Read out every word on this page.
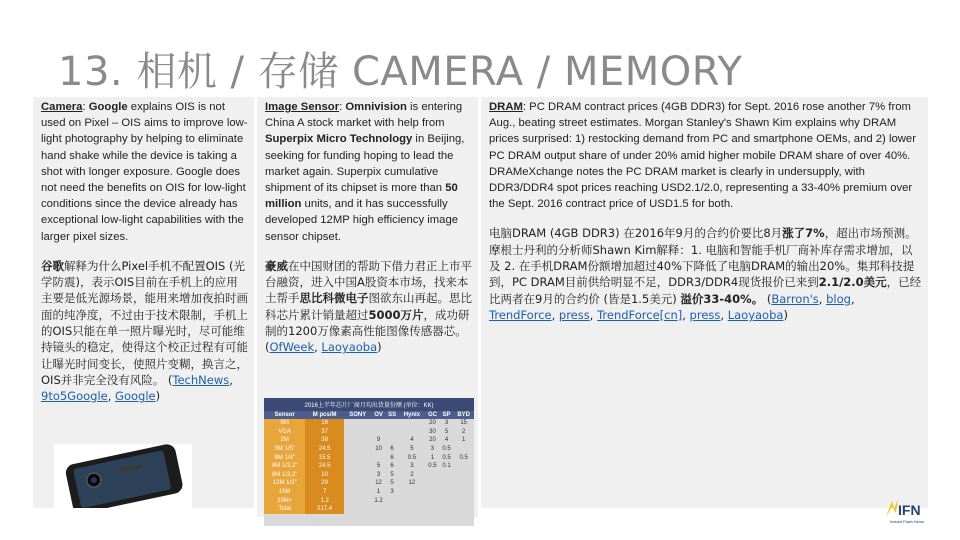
13. 相机 / 存储 CAMERA / MEMORY

Camera: Google explains OIS is not used on Pixel – OIS aims to improve low-light photography by helping to eliminate hand shake while the device is taking a shot with longer exposure. Google does not need the benefits on OIS for low-light conditions since the device already has exceptional low-light capabilities with the larger pixel sizes.

谷歌解释为什么Pixel手机不配置OIS (光学防震)，表示OIS目前在手机上的应用主要是低光源场景，能用来增加夜拍时画面的纯净度，不过由于技术限制，手机上的OIS只能在单一照片曝光时，尽可能维持镜头的稳定，使得这个校正过程有可能让曝光时间变长，使照片变糊，换言之，OIS并非完全没有风险。 (TechNews, 9to5Google, Google)

Image Sensor: Omnivision is entering China A stock market with help from Superpix Micro Technology in Beijing, seeking for funding hoping to lead the market again. Superpix cumulative shipment of its chipset is more than 50 million units, and it has successfully developed 12MP high efficiency image sensor chipset.

豪威在中国财团的帮助下借力君正上市平台融资，进入中国A股资本市场，找来本土帮手思比科微电子图欲东山再起。思比科芯片累计销量超过5000万片，成功研制的1200万像素高性能图像传感器芯。 (OfWeek, Laoyaoba)

2016上半年芯片厂商月均出货量份额 (单位：KK)
Sensor	M pcs/M	SONY	OV	SS	Hynix	GC	SP	BYD
8M	18					20	3	15
VGA	37					30	5	2
2M	38		9		4	20	4	1
5M 1/5"	24.5		10	6	5	3	0.5	
8M 1/4"	15.5			6	0.5	1	0.5	0.5
8M 1/3.2"	24.5		5	6	3	0.5	0.1	
8M 1/3.2"	10		3	5	2			
13M 1/3"	29		12	5	12			
16M	7		1	3				
20M+	1.2		1.2					
Total	217.4							

DRAM: PC DRAM contract prices (4GB DDR3) for Sept. 2016 rose another 7% from Aug., beating street estimates. Morgan Stanley's Shawn Kim explains why DRAM prices surprised: 1) restocking demand from PC and smartphone OEMs, and 2) lower PC DRAM output share of under 20% amid higher mobile DRAM share of over 40%. DRAMeXchange notes the PC DRAM market is clearly in undersupply, with DDR3/DDR4 spot prices reaching USD2.1/2.0, representing a 33-40% premium over the Sept. 2016 contract price of USD1.5 for both.

电脑DRAM (4GB DDR3) 在2016年9月的合约价要比8月涨了7%，超出市场预测。摩根士丹利的分析师Shawn Kim解释：1. 电脑和智能手机厂商补库存需求增加，以及 2. 在手机DRAM份额增加超过40%下降低了电脑DRAM的输出20%。集邦科技提到，PC DRAM目前供给明显不足，DDR3/DDR4现货报价已来到2.1/2.0美元，已经比两者在9月的合约价 (皆是1.5美元) 溢价33-40%。 (Barron's, blog, TrendForce, press, TrendForce[cn], press, Laoyaoba)

IFN
Instant Flash News
